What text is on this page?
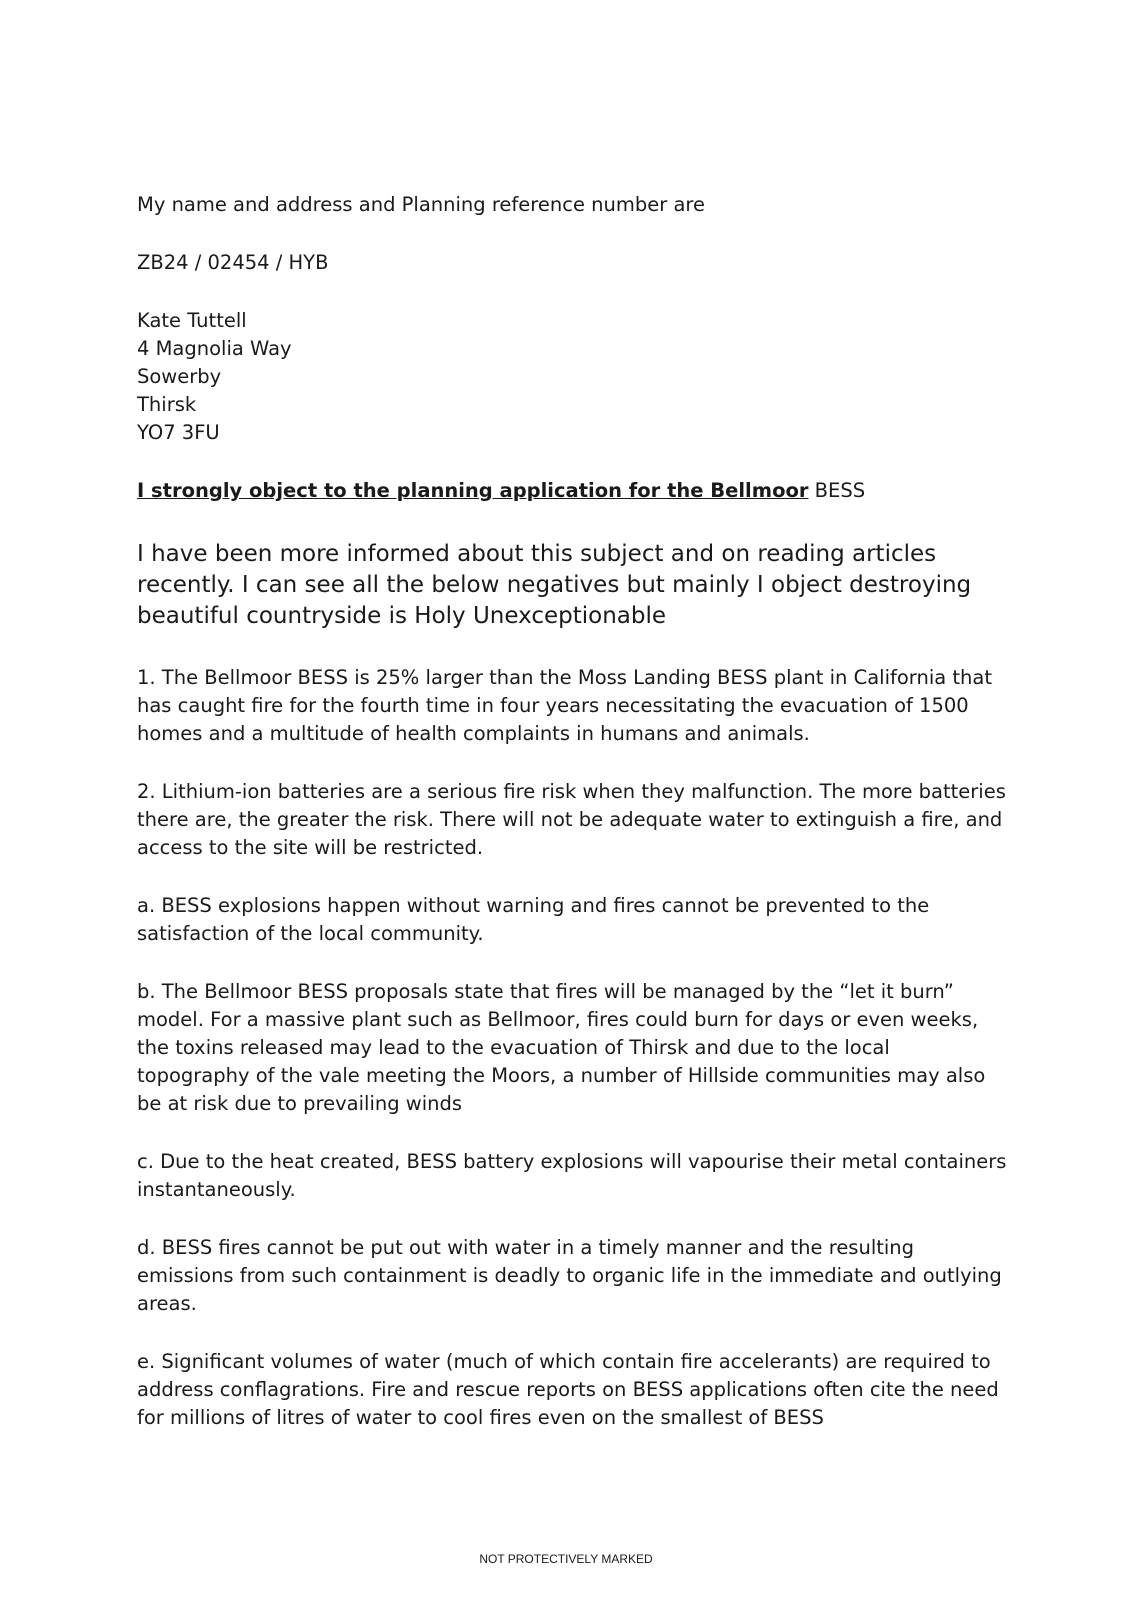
My name and address and Planning reference number are

ZB24 / 02454 / HYB

Kate Tuttell

4 Magnolia Way

Sowerby

Thirsk

YO7 3FU

I strongly object to the planning application for the Bellmoor BESS

I have been more informed about this subject and on reading articles recently. I can see all the below negatives but mainly I object destroying beautiful countryside is Holy Unexceptionable

1. The Bellmoor BESS is 25% larger than the Moss Landing BESS plant in California that has caught fire for the fourth time in four years necessitating the evacuation of 1500 homes and a multitude of health complaints in humans and animals.

2. Lithium-ion batteries are a serious fire risk when they malfunction. The more batteries there are, the greater the risk. There will not be adequate water to extinguish a fire, and access to the site will be restricted.

a. BESS explosions happen without warning and fires cannot be prevented to the satisfaction of the local community.

b. The Bellmoor BESS proposals state that fires will be managed by the “let it burn” model. For a massive plant such as Bellmoor, fires could burn for days or even weeks, the toxins released may lead to the evacuation of Thirsk and due to the local topography of the vale meeting the Moors, a number of Hillside communities may also be at risk due to prevailing winds

c. Due to the heat created, BESS battery explosions will vapourise their metal containers instantaneously.

d. BESS fires cannot be put out with water in a timely manner and the resulting emissions from such containment is deadly to organic life in the immediate and outlying areas.

e. Significant volumes of water (much of which contain fire accelerants) are required to address conflagrations. Fire and rescue reports on BESS applications often cite the need for millions of litres of water to cool fires even on the smallest of BESS

NOT PROTECTIVELY MARKED
